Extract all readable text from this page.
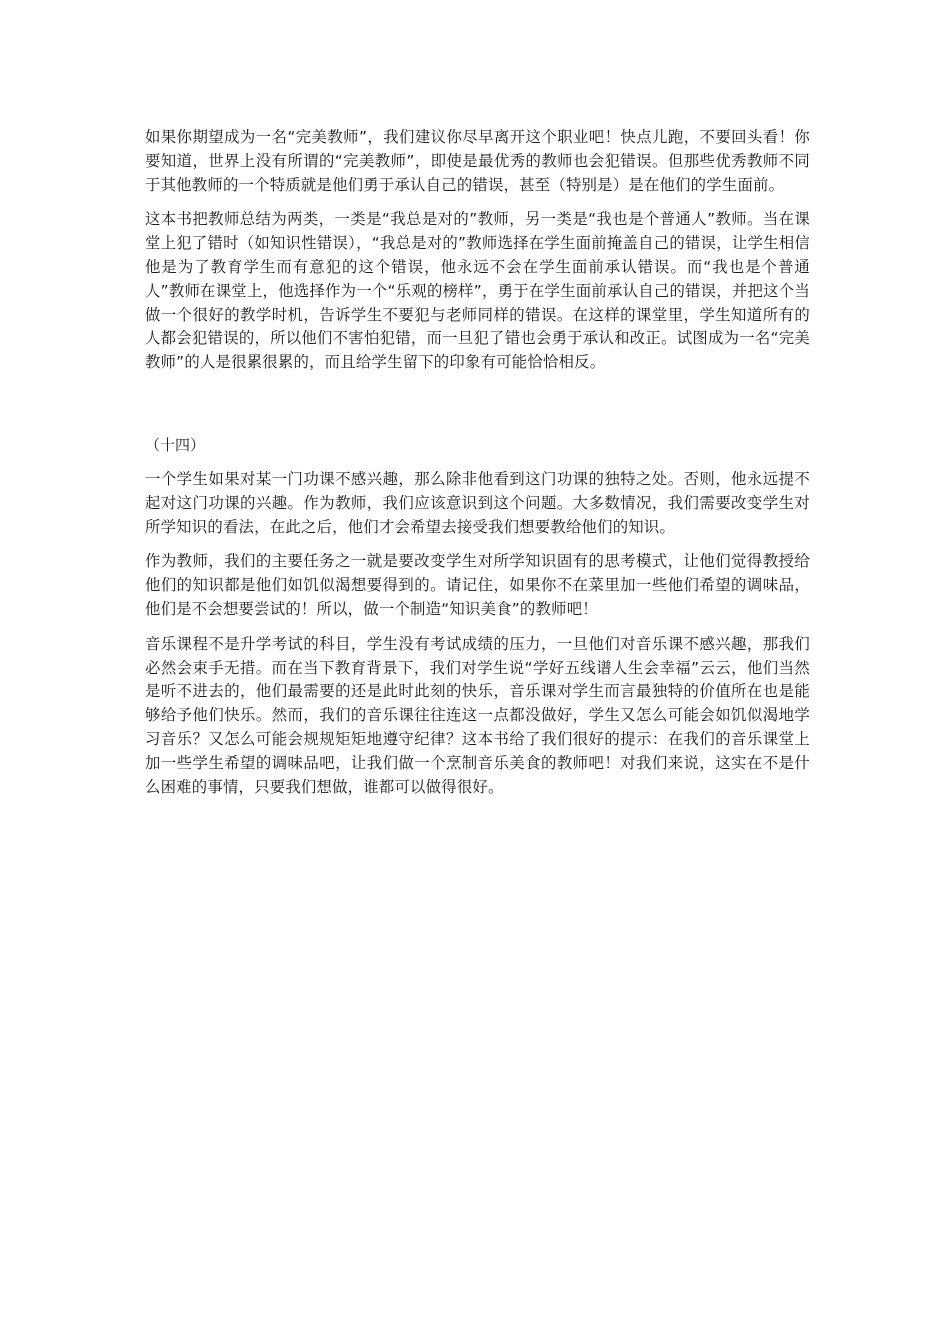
如果你期望成为一名“完美教师”，我们建议你尽早离开这个职业吧！快点儿跑，不要回头看！你要知道，世界上没有所谓的“完美教师”，即使是最优秀的教师也会犯错误。但那些优秀教师不同于其他教师的一个特质就是他们勇于承认自己的错误，甚至（特别是）是在他们的学生面前。

这本书把教师总结为两类，一类是“我总是对的”教师，另一类是“我也是个普通人”教师。当在课堂上犯了错时（如知识性错误），“我总是对的”教师选择在学生面前掩盖自己的错误，让学生相信他是为了教育学生而有意犯的这个错误，他永远不会在学生面前承认错误。而“我也是个普通人”教师在课堂上，他选择作为一个“乐观的榜样”，勇于在学生面前承认自己的错误，并把这个当做一个很好的教学时机，告诉学生不要犯与老师同样的错误。在这样的课堂里，学生知道所有的人都会犯错误的，所以他们不害怕犯错，而一旦犯了错也会勇于承认和改正。试图成为一名“完美教师”的人是很累很累的，而且给学生留下的印象有可能恰恰相反。

（十四）

一个学生如果对某一门功课不感兴趣，那么除非他看到这门功课的独特之处。否则，他永远提不起对这门功课的兴趣。作为教师，我们应该意识到这个问题。大多数情况，我们需要改变学生对所学知识的看法，在此之后，他们才会希望去接受我们想要教给他们的知识。

作为教师，我们的主要任务之一就是要改变学生对所学知识固有的思考模式，让他们觉得教授给他们的知识都是他们如饥似渴想要得到的。请记住，如果你不在菜里加一些他们希望的调味品，他们是不会想要尝试的！所以，做一个制造“知识美食”的教师吧！

音乐课程不是升学考试的科目，学生没有考试成绩的压力，一旦他们对音乐课不感兴趣，那我们必然会束手无措。而在当下教育背景下，我们对学生说“学好五线谱人生会幸福”云云，他们当然是听不进去的，他们最需要的还是此时此刻的快乐，音乐课对学生而言最独特的价值所在也是能够给予他们快乐。然而，我们的音乐课往往连这一点都没做好，学生又怎么可能会如饥似渴地学习音乐？又怎么可能会规规矩矩地遵守纪律？这本书给了我们很好的提示：在我们的音乐课堂上加一些学生希望的调味品吧，让我们做一个烹制音乐美食的教师吧！对我们来说，这实在不是什么困难的事情，只要我们想做，谁都可以做得很好。
